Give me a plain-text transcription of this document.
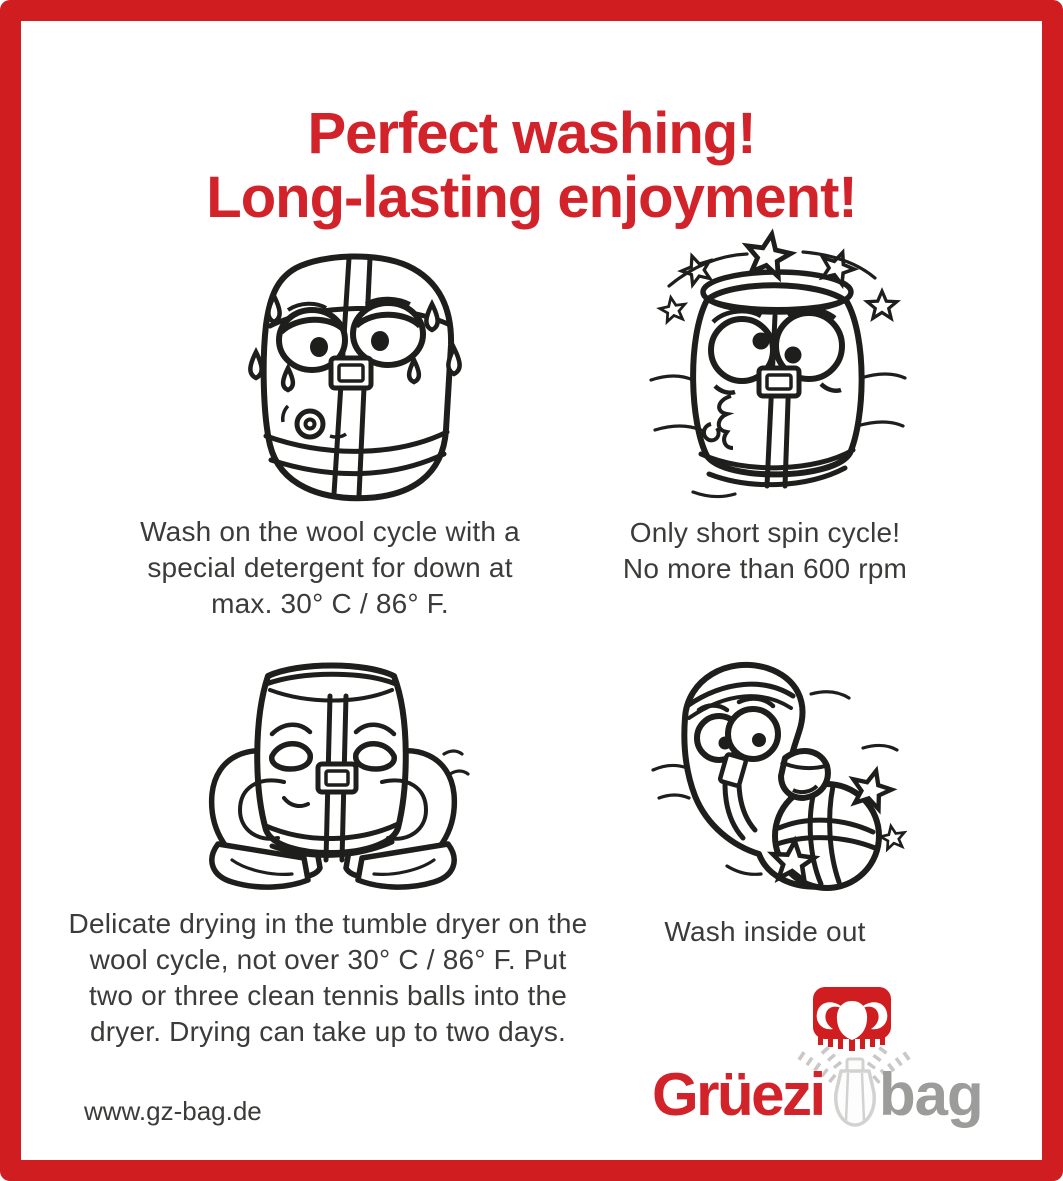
Perfect washing!
Long-lasting enjoyment!
Wash on the wool cycle with a
special detergent for down at
max. 30° C / 86° F.
Only short spin cycle!
No more than 600 rpm
Delicate drying in the tumble dryer on the
wool cycle, not over 30° C / 86° F. Put
two or three clean tennis balls into the
dryer. Drying can take up to two days.
Wash inside out
www.gz-bag.de	Grüezi bag
